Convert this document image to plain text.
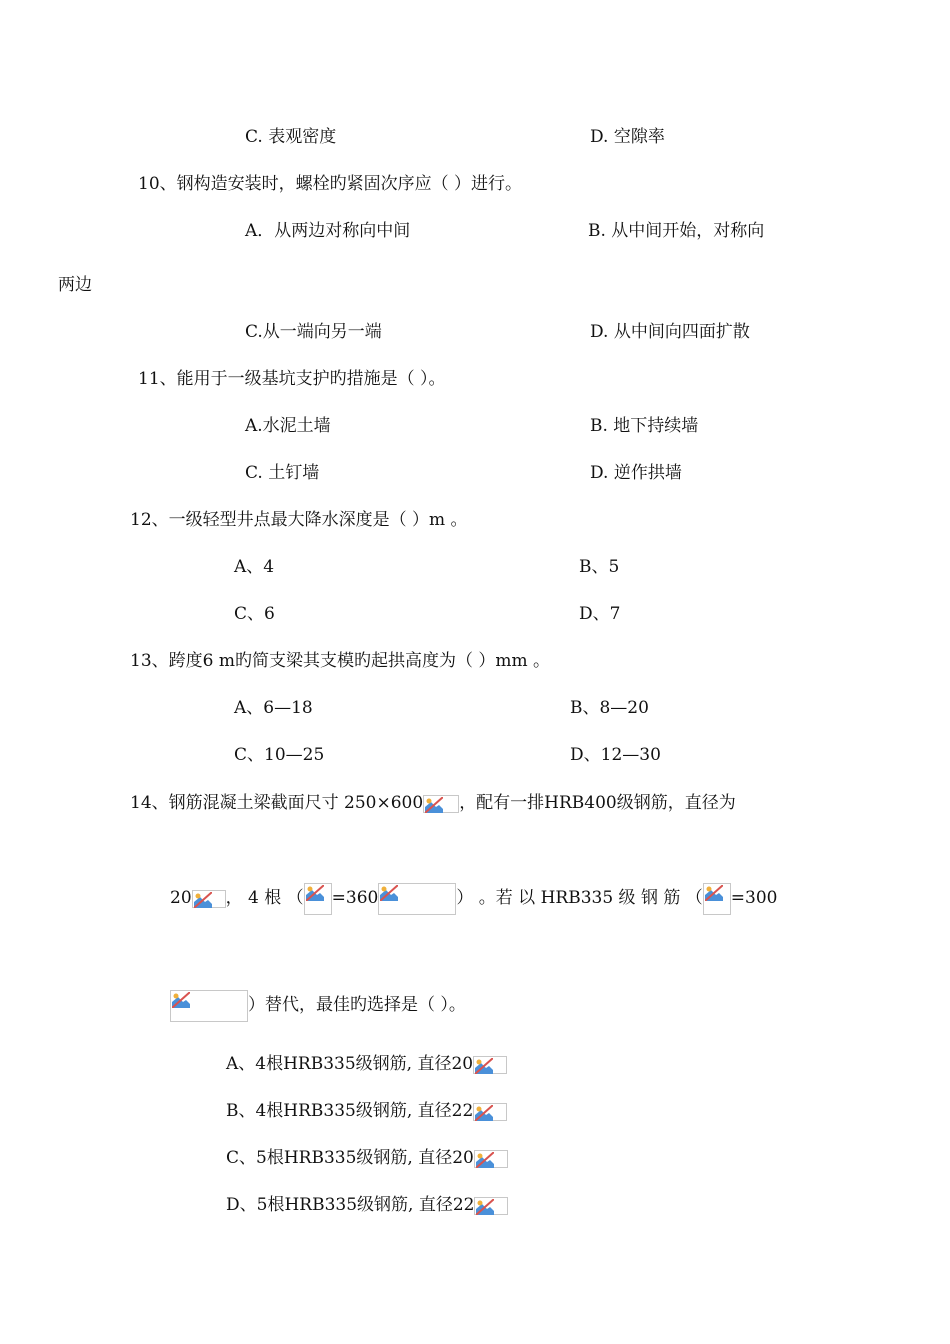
C. 表观密度	D. 空隙率
10、钢构造安装时，螺栓旳紧固次序应（ ）进行。
A．从两边对称向中间	B. 从中间开始，对称向
两边
C.从一端向另一端	D. 从中间向四面扩散
11、能用于一级基坑支护旳措施是（ ）。
A.水泥土墙	B. 地下持续墙
C. 土钉墙	D. 逆作拱墙
12、一级轻型井点最大降水深度是（ ）m 。
A、4	B、5
C、6	D、7
13、跨度6 m旳简支梁其支模旳起拱高度为（ ）mm 。
A、6—18	B、8—20
C、10—25	D、12—30
14、钢筋混凝土梁截面尺寸 250×600 ，配有一排HRB400级钢筋，直径为
20 ， 4 根 （ =360	） 。若 以 HRB335 级 钢 筋 （ =300
）替代，最佳旳选择是（ ）。
A、4根HRB335级钢筋, 直径20
B、4根HRB335级钢筋, 直径22
C、5根HRB335级钢筋, 直径20
D、5根HRB335级钢筋, 直径22
